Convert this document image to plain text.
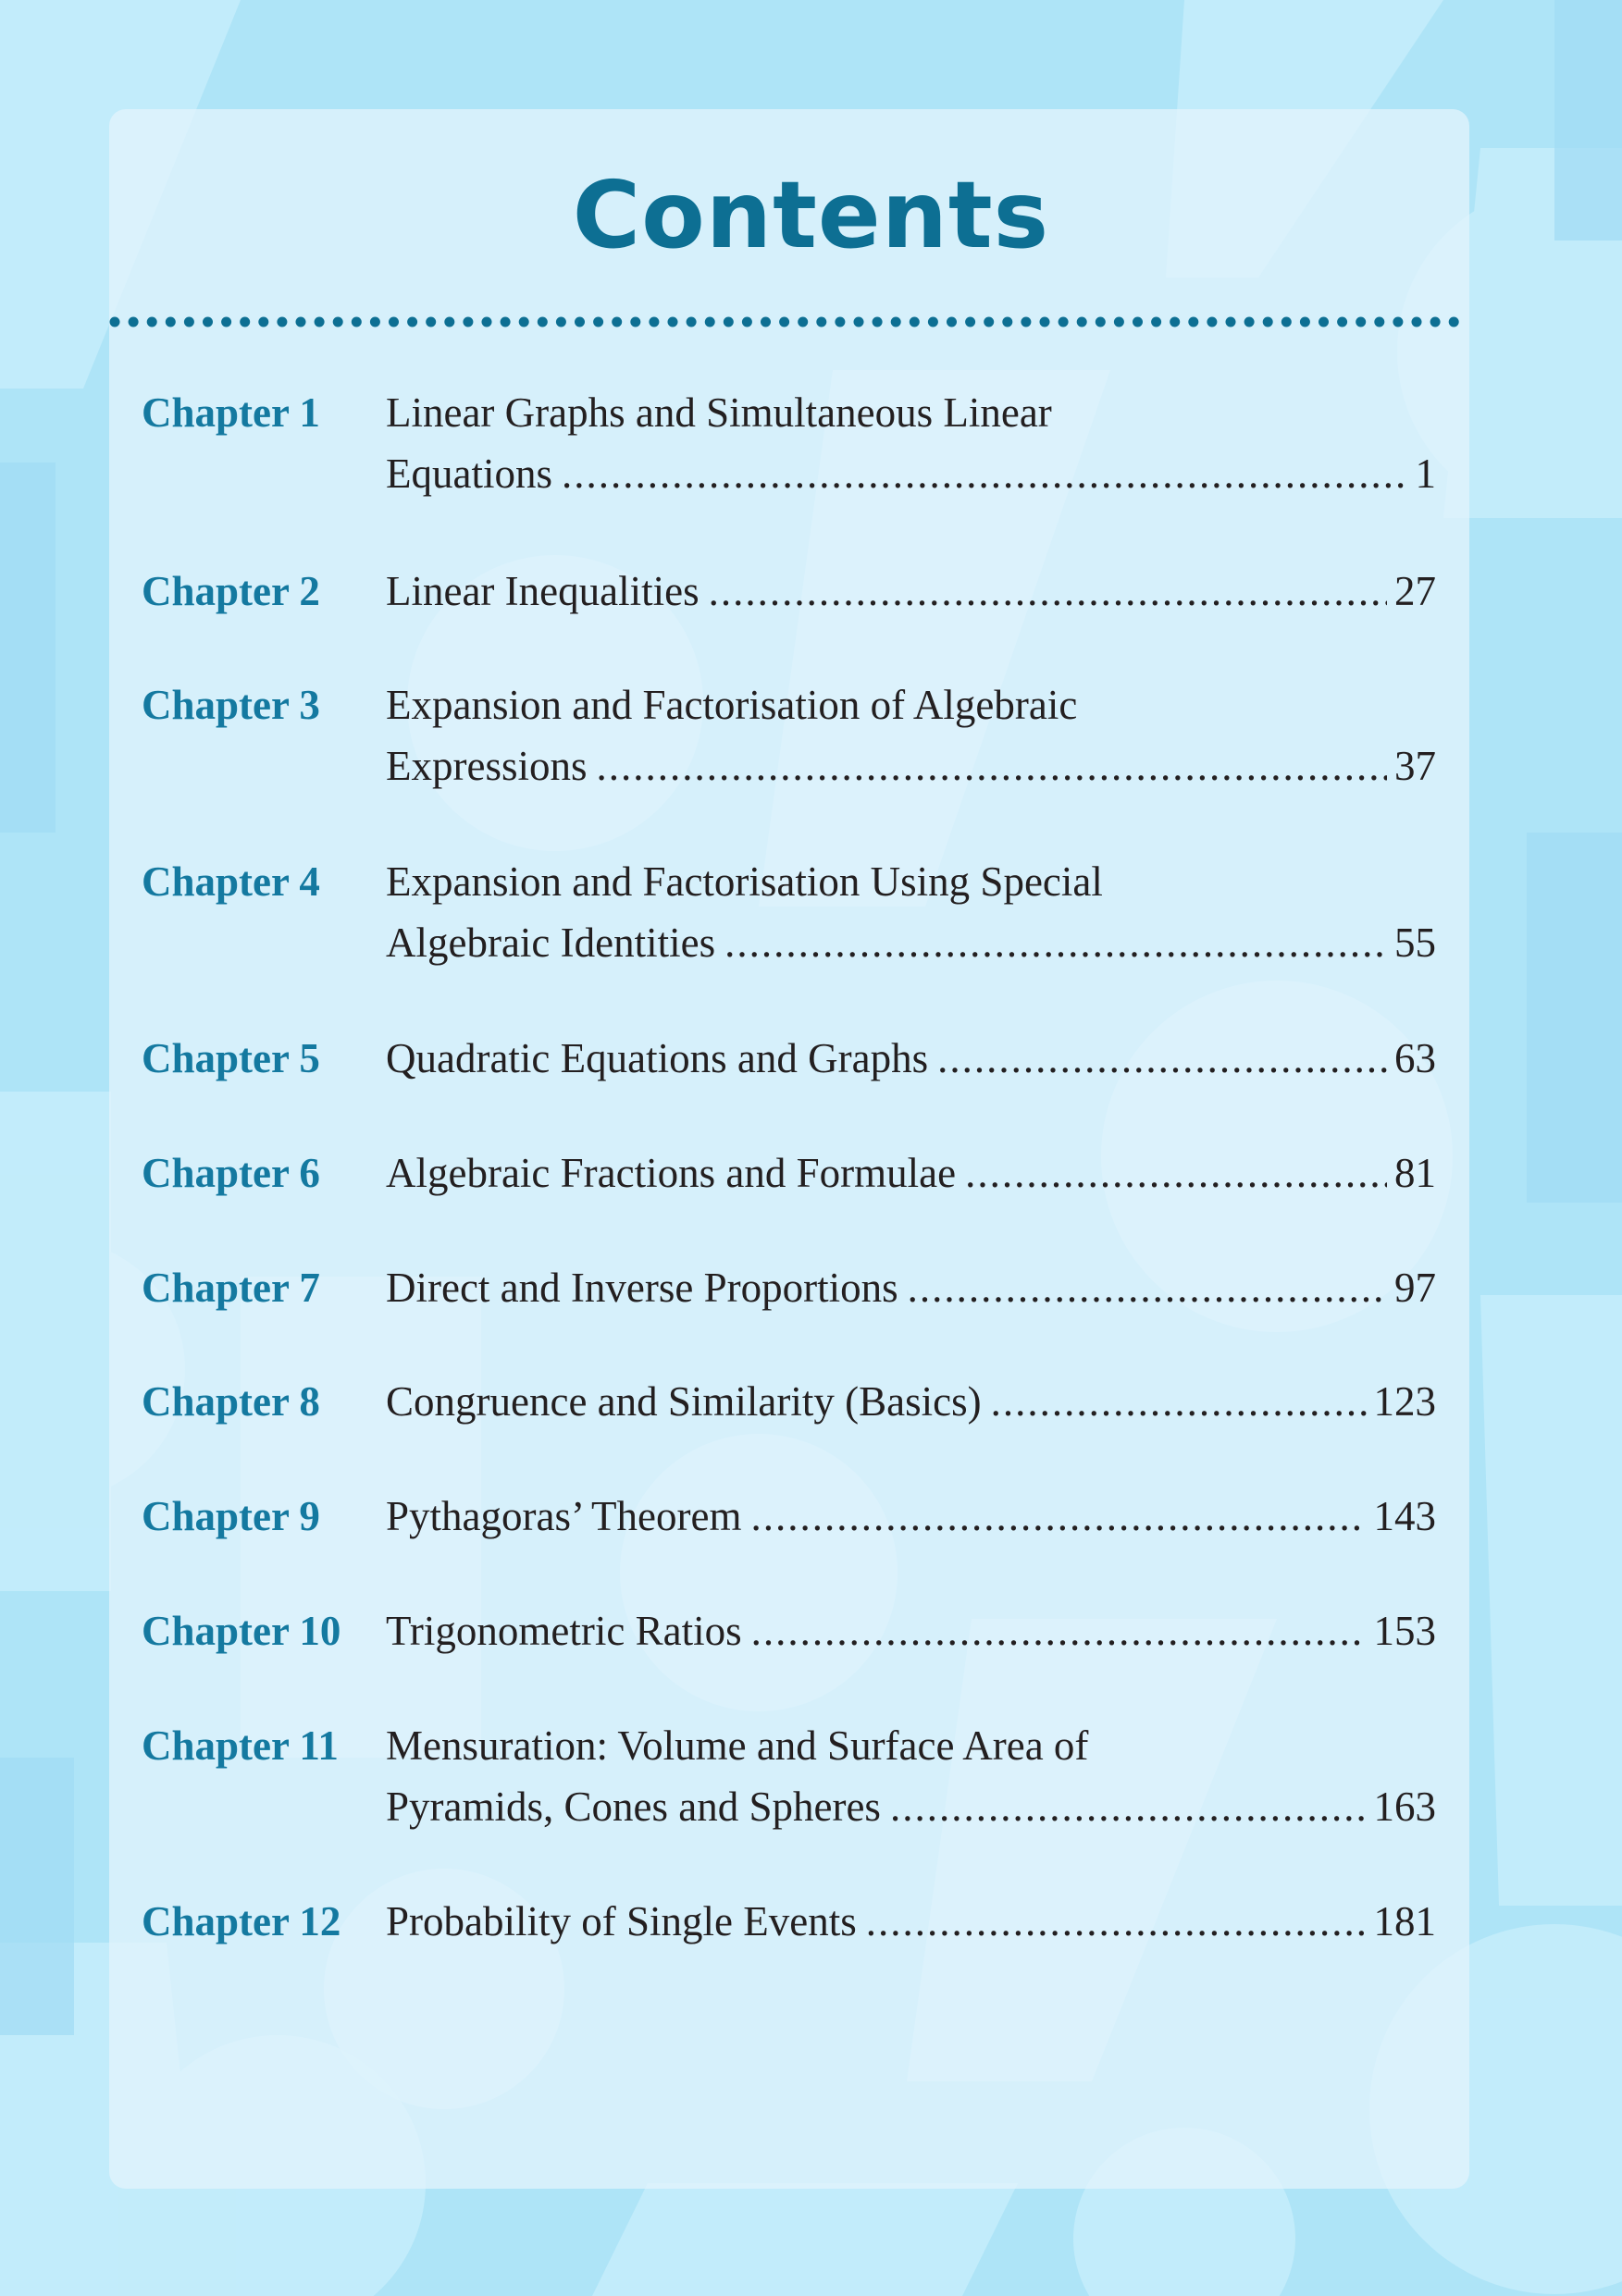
Contents
Chapter 1 Linear Graphs and Simultaneous Linear
Equations .....	1
Chapter 2 Linear Inequalities .....	27
Chapter 3 Expansion and Factorisation of Algebraic
Expressions .....	37
Chapter 4 Expansion and Factorisation Using Special
Algebraic Identities .....	55
Chapter 5 Quadratic Equations and Graphs .....	63
Chapter 6 Algebraic Fractions and Formulae .....	81
Chapter 7 Direct and Inverse Proportions .....	97
Chapter 8 Congruence and Similarity (Basics) .....	123
Chapter 9 Pythagoras’ Theorem .....	143
Chapter 10 Trigonometric Ratios .....	153
Chapter 11 Mensuration: Volume and Surface Area of
Pyramids, Cones and Spheres .....	163
Chapter 12 Probability of Single Events .....	181
